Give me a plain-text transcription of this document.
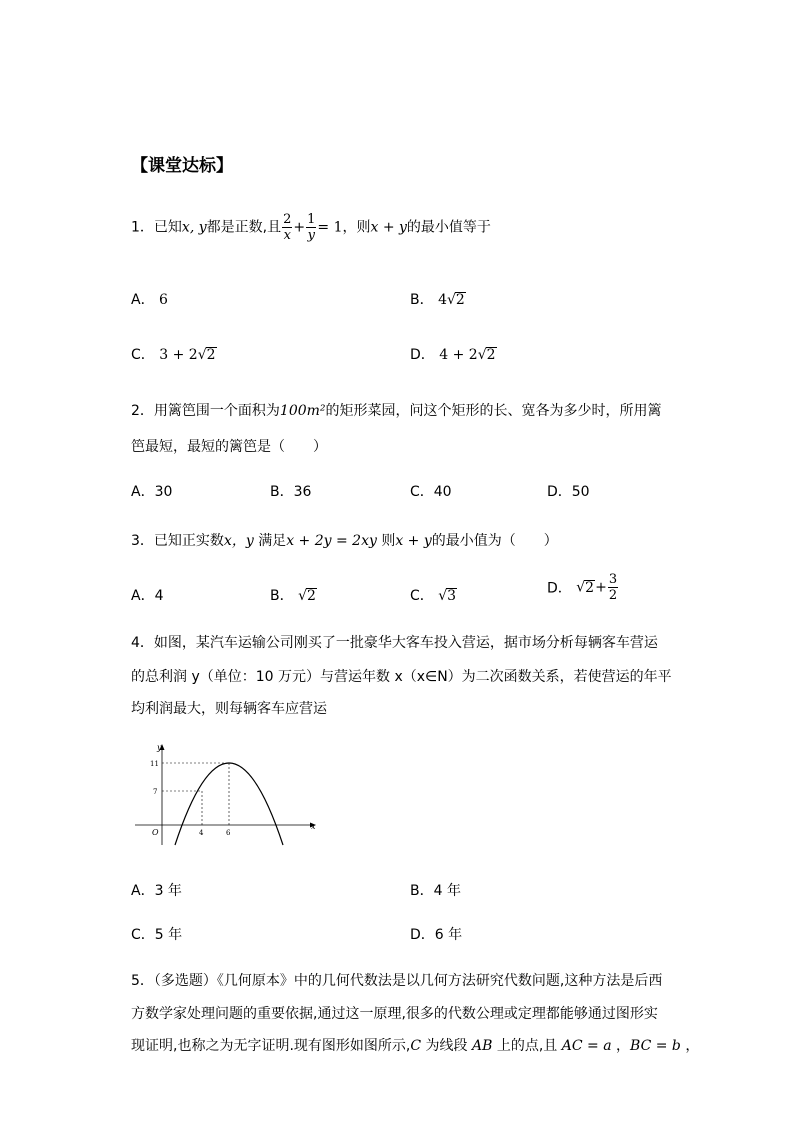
【课堂达标】
1．已知x, y都是正数,且 $\frac{2}{x} + \frac{1}{y} = 1$，则x + y的最小值等于
A． 6	B． 4√2
C． 3 + 2√2	D． 4 + 2√2
2．用篱笆围一个面积为100m²的矩形菜园，问这个矩形的长、宽各为多少时，所用篱
笆最短，最短的篱笆是（　　）
A．30	B．36	C．40	D．50
3．已知正实数x，y 满足x + 2y = 2xy 则x + y的最小值为（　　）
A．4	B． √2	C． √3	D． $√2+ \frac{3}{2}$
4．如图，某汽车运输公司刚买了一批豪华大客车投入营运，据市场分析每辆客车营运
的总利润 y（单位：10 万元）与营运年数 x（x∈N）为二次函数关系，若使营运的年平
均利润最大，则每辆客车应营运
y
x
O
11
7
4	6
A．3 年	B．4 年
C．5 年	D．6 年
5．（多选题）《几何原本》中的几何代数法是以几何方法研究代数问题,这种方法是后西
方数学家处理问题的重要依据,通过这一原理,很多的代数公理或定理都能够通过图形实
现证明,也称之为无字证明.现有图形如图所示,C 为线段 AB 上的点,且 AC = a ，BC = b ，
